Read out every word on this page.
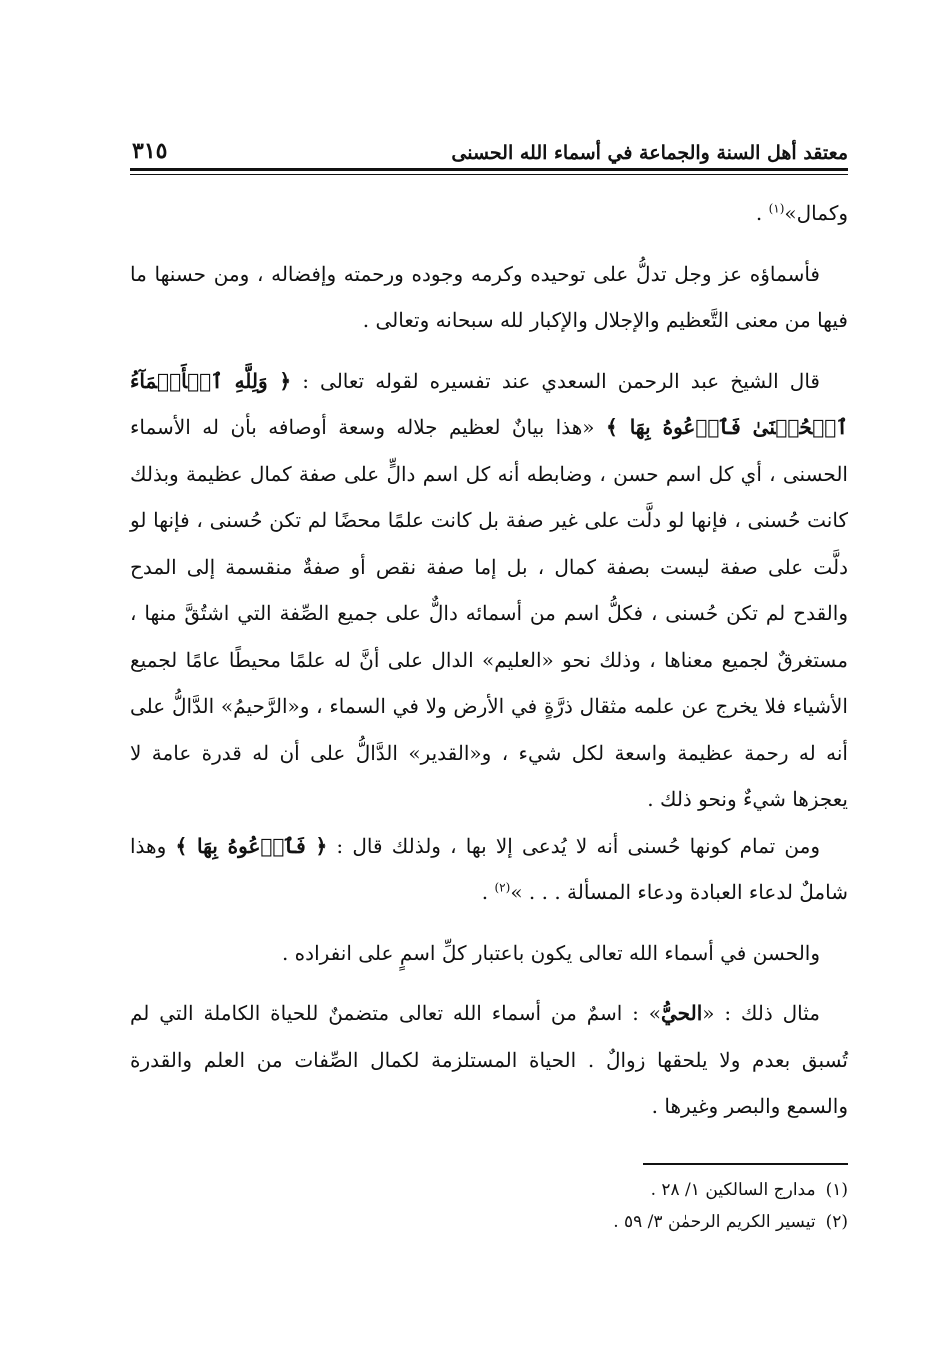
معتقد أهل السنة والجماعة في أسماء الله الحسنى
٣١٥

وكمال»$^{(١)}$ .

فأسماؤه عز وجل تدلُّ على توحيده وكرمه وجوده ورحمته وإفضاله ، ومن حسنها ما فيها من معنى التَّعظيم والإجلال والإكبار لله سبحانه وتعالى .

قال الشيخ عبد الرحمن السعدي عند تفسيره لقوله تعالى : ﴿ وَلِلَّهِ ٱلۡأَسۡمَآءُ ٱلۡحُسۡنَىٰ فَٱدۡعُوهُ بِهَا ﴾ «هذا بيانٌ لعظيم جلاله وسعة أوصافه بأن له الأسماء الحسنى ، أي كل اسم حسن ، وضابطه أنه كل اسم دالٍّ على صفة كمال عظيمة وبذلك كانت حُسنى ، فإنها لو دلَّت على غير صفة بل كانت علمًا محضًا لم تكن حُسنى ، فإنها لو دلَّت على صفة ليست بصفة كمال ، بل إما صفة نقص أو صفةٌ منقسمة إلى المدح والقدح لم تكن حُسنى ، فكلُّ اسم من أسمائه دالٌّ على جميع الصِّفة التي اشتُقَّ منها ، مستغرقٌ لجميع معناها ، وذلك نحو «العليم» الدال على أنَّ له علمًا محيطًا عامًا لجميع الأشياء فلا يخرج عن علمه مثقال ذرَّةٍ في الأرض ولا في السماء ، و«الرَّحيمُ» الدَّالُّ على أنه له رحمة عظيمة واسعة لكل شيء ، و«القدير» الدَّالُّ على أن له قدرة عامة لا يعجزها شيءٌ ونحو ذلك .

ومن تمام كونها حُسنى أنه لا يُدعى إلا بها ، ولذلك قال : ﴿ فَٱدۡعُوهُ بِهَا ﴾ وهذا شاملٌ لدعاء العبادة ودعاء المسألة . . . »$^{(٢)}$ .

والحسن في أسماء الله تعالى يكون باعتبار كلِّ اسمٍ على انفراده .

مثال ذلك : «الحيُّ» : اسمٌ من أسماء الله تعالى متضمنٌ للحياة الكاملة التي لم تُسبق بعدم ولا يلحقها زوالٌ . الحياة المستلزمة لكمال الصِّفات من العلم والقدرة والسمع والبصر وغيرها .

(١)مدارج السالكين ١/ ٢٨ .
(٢)تيسير الكريم الرحمٰن ٣/ ٥٩ .
